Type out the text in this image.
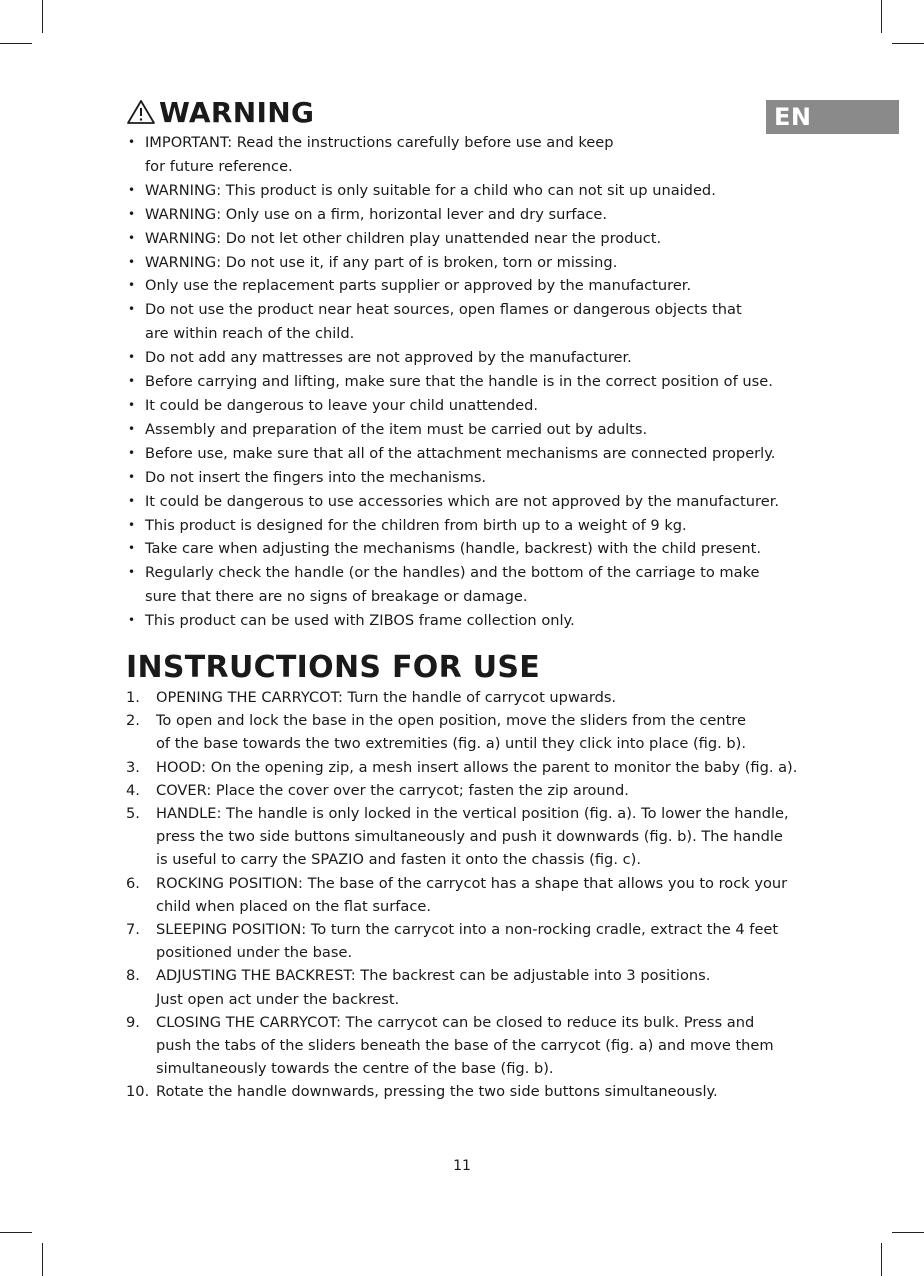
EN
WARNING
• IMPORTANT: Read the instructions carefully before use and keep
for future reference.
• WARNING: This product is only suitable for a child who can not sit up unaided.
• WARNING: Only use on a firm, horizontal lever and dry surface.
• WARNING: Do not let other children play unattended near the product.
• WARNING: Do not use it, if any part of is broken, torn or missing.
• Only use the replacement parts supplier or approved by the manufacturer.
• Do not use the product near heat sources, open flames or dangerous objects that
are within reach of the child.
• Do not add any mattresses are not approved by the manufacturer.
• Before carrying and lifting, make sure that the handle is in the correct position of use.
• It could be dangerous to leave your child unattended.
• Assembly and preparation of the item must be carried out by adults.
• Before use, make sure that all of the attachment mechanisms are connected properly.
• Do not insert the fingers into the mechanisms.
• It could be dangerous to use accessories which are not approved by the manufacturer.
• This product is designed for the children from birth up to a weight of 9 kg.
• Take care when adjusting the mechanisms (handle, backrest) with the child present.
• Regularly check the handle (or the handles) and the bottom of the carriage to make
sure that there are no signs of breakage or damage.
• This product can be used with ZIBOS frame collection only.
INSTRUCTIONS FOR USE
1. OPENING THE CARRYCOT: Turn the handle of carrycot upwards.
2. To open and lock the base in the open position, move the sliders from the centre
of the base towards the two extremities (fig. a) until they click into place (fig. b).
3. HOOD: On the opening zip, a mesh insert allows the parent to monitor the baby (fig. a).
4. COVER: Place the cover over the carrycot; fasten the zip around.
5. HANDLE: The handle is only locked in the vertical position (fig. a). To lower the handle,
press the two side buttons simultaneously and push it downwards (fig. b). The handle
is useful to carry the SPAZIO and fasten it onto the chassis (fig. c).
6. ROCKING POSITION: The base of the carrycot has a shape that allows you to rock your
child when placed on the flat surface.
7. SLEEPING POSITION: To turn the carrycot into a non-rocking cradle, extract the 4 feet
positioned under the base.
8. ADJUSTING THE BACKREST: The backrest can be adjustable into 3 positions.
Just open act under the backrest.
9. CLOSING THE CARRYCOT: The carrycot can be closed to reduce its bulk. Press and
push the tabs of the sliders beneath the base of the carrycot (fig. a) and move them
simultaneously towards the centre of the base (fig. b).
10. Rotate the handle downwards, pressing the two side buttons simultaneously.
11
